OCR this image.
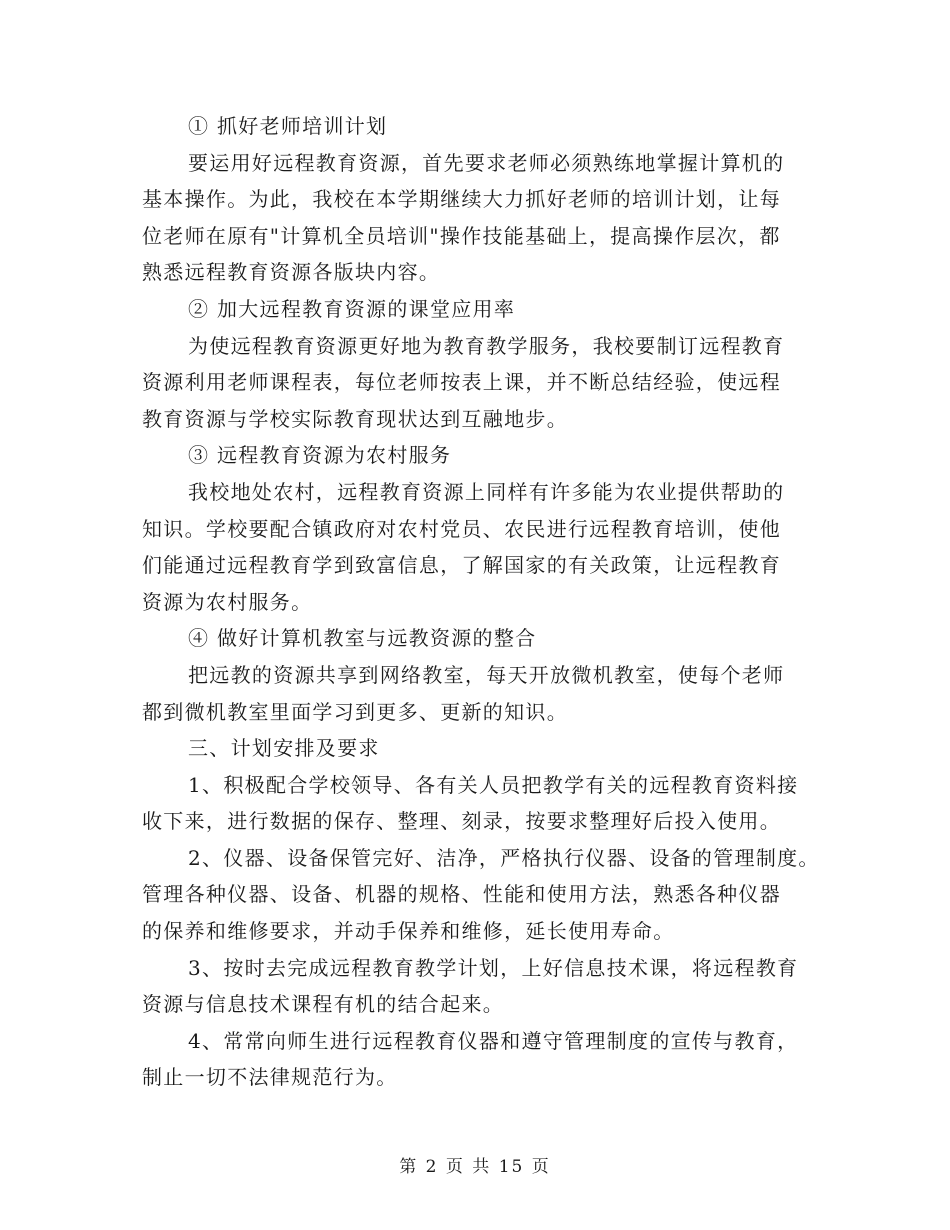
① 抓好老师培训计划
要运用好远程教育资源，首先要求老师必须熟练地掌握计算机的
基本操作。为此，我校在本学期继续大力抓好老师的培训计划，让每
位老师在原有"计算机全员培训"操作技能基础上，提高操作层次，都
熟悉远程教育资源各版块内容。
② 加大远程教育资源的课堂应用率
为使远程教育资源更好地为教育教学服务，我校要制订远程教育
资源利用老师课程表，每位老师按表上课，并不断总结经验，使远程
教育资源与学校实际教育现状达到互融地步。
③ 远程教育资源为农村服务
我校地处农村，远程教育资源上同样有许多能为农业提供帮助的
知识。学校要配合镇政府对农村党员、农民进行远程教育培训，使他
们能通过远程教育学到致富信息，了解国家的有关政策，让远程教育
资源为农村服务。
④ 做好计算机教室与远教资源的整合
把远教的资源共享到网络教室，每天开放微机教室，使每个老师
都到微机教室里面学习到更多、更新的知识。
三、计划安排及要求
1、积极配合学校领导、各有关人员把教学有关的远程教育资料接
收下来，进行数据的保存、整理、刻录，按要求整理好后投入使用。
2、仪器、设备保管完好、洁净，严格执行仪器、设备的管理制度。
管理各种仪器、设备、机器的规格、性能和使用方法，熟悉各种仪器
的保养和维修要求，并动手保养和维修，延长使用寿命。
3、按时去完成远程教育教学计划，上好信息技术课，将远程教育
资源与信息技术课程有机的结合起来。
4、常常向师生进行远程教育仪器和遵守管理制度的宣传与教育，
制止一切不法律规范行为。
第 2 页 共 15 页
